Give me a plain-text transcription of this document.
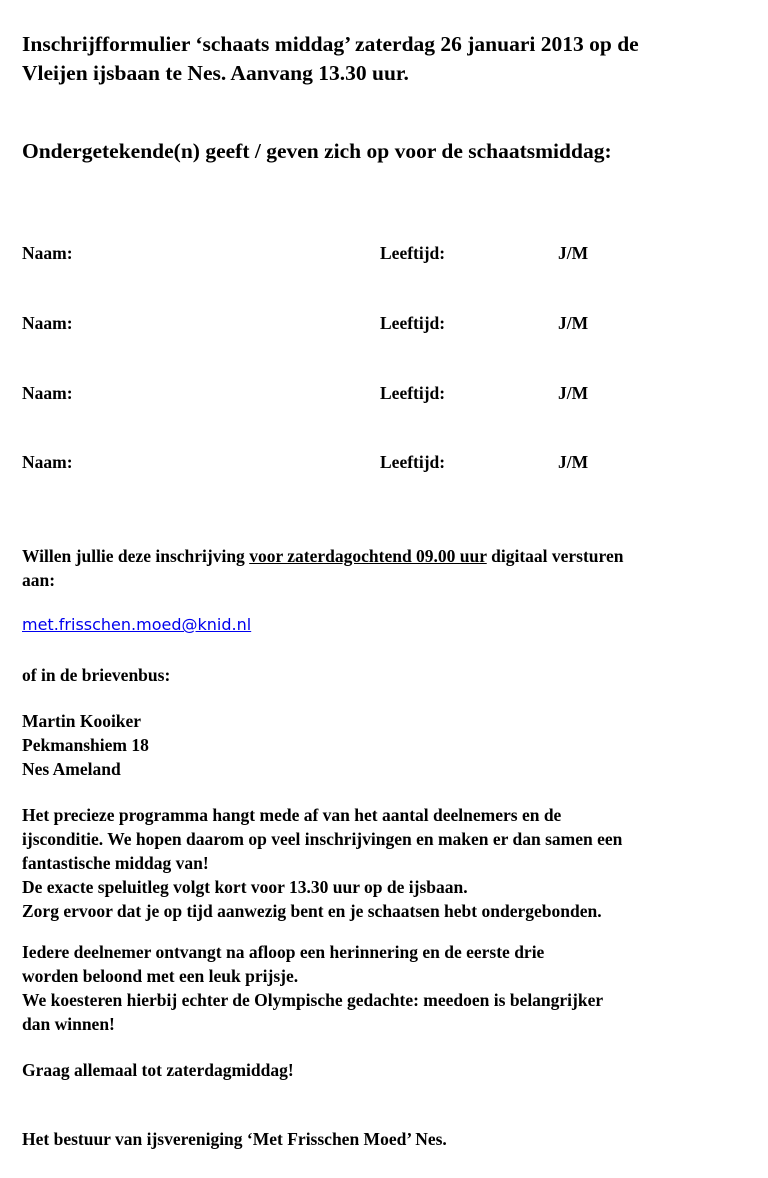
Inschrijfformulier ‘schaats middag’ zaterdag 26 januari 2013 op de
Vleijen ijsbaan te Nes. Aanvang 13.30 uur.
Ondergetekende(n) geeft / geven zich op voor de schaatsmiddag:
Naam:	Leeftijd:	J/M
Naam:	Leeftijd:	J/M
Naam:	Leeftijd:	J/M
Naam:	Leeftijd:	J/M
Willen jullie deze inschrijving voor zaterdagochtend 09.00 uur digitaal versturen
aan:
met.frisschen.moed@knid.nl
of in de brievenbus:
Martin Kooiker
Pekmanshiem 18
Nes Ameland
Het precieze programma hangt mede af van het aantal deelnemers en de
ijsconditie. We hopen daarom op veel inschrijvingen en maken er dan samen een
fantastische middag van!
De exacte speluitleg volgt kort voor 13.30 uur op de ijsbaan.
Zorg ervoor dat je op tijd aanwezig bent en je schaatsen hebt ondergebonden.
Iedere deelnemer ontvangt na afloop een herinnering en de eerste drie
worden beloond met een leuk prijsje.
We koesteren hierbij echter de Olympische gedachte: meedoen is belangrijker
dan winnen!
Graag allemaal tot zaterdagmiddag!
Het bestuur van ijsvereniging ‘Met Frisschen Moed’ Nes.
